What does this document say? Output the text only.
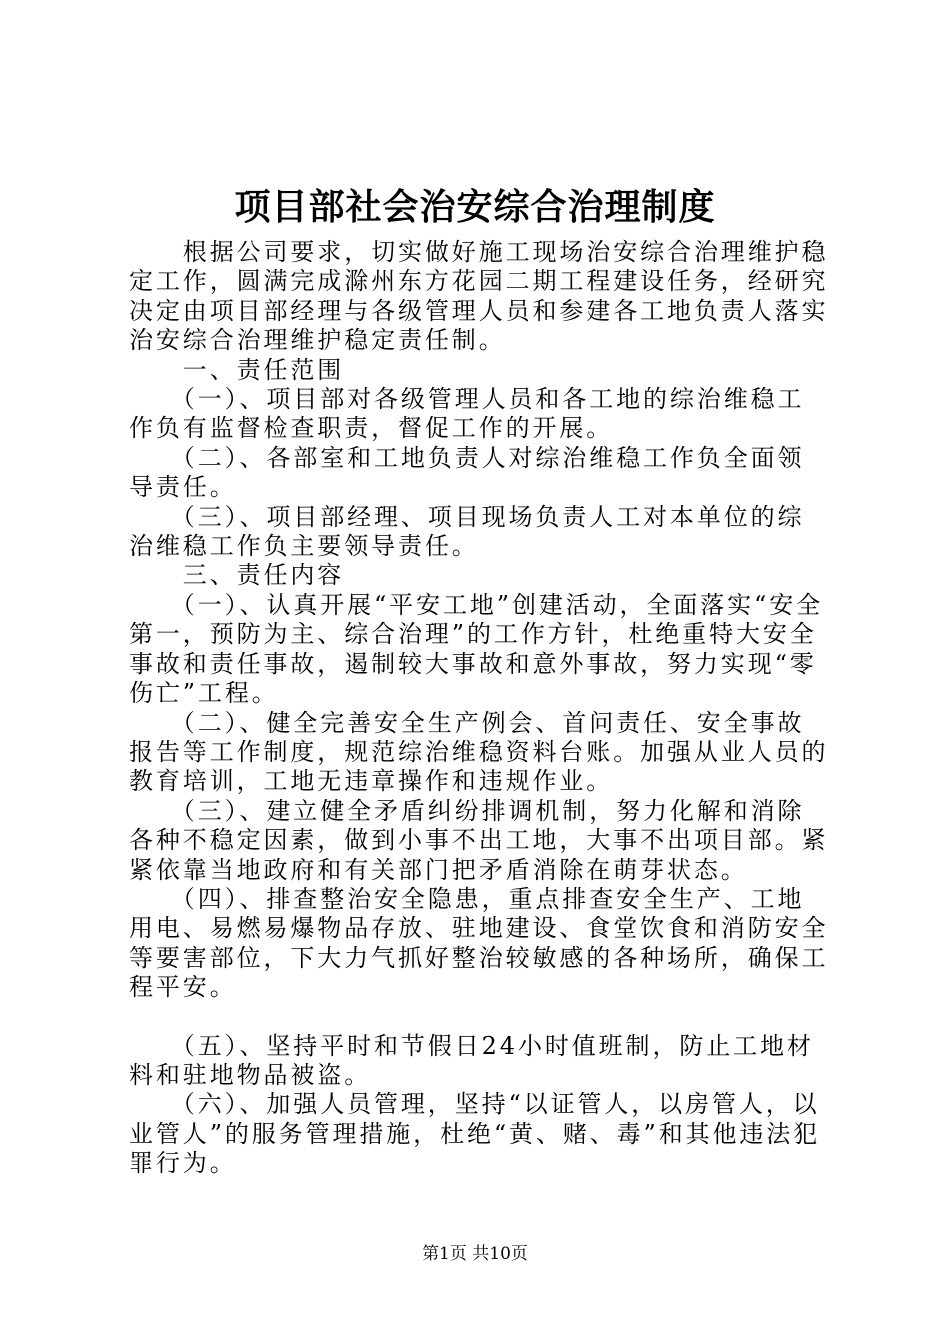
项目部社会治安综合治理制度

　　根据公司要求，切实做好施工现场治安综合治理维护稳定工作，圆满完成滁州东方花园二期工程建设任务，经研究决定由项目部经理与各级管理人员和参建各工地负责人落实治安综合治理维护稳定责任制。

　　一、责任范围

　　（一）、项目部对各级管理人员和各工地的综治维稳工作负有监督检查职责，督促工作的开展。

　　（二）、各部室和工地负责人对综治维稳工作负全面领导责任。

　　（三）、项目部经理、项目现场负责人工对本单位的综治维稳工作负主要领导责任。

　　三、责任内容

　　（一）、认真开展“平安工地”创建活动，全面落实“安全第一，预防为主、综合治理”的工作方针，杜绝重特大安全事故和责任事故，遏制较大事故和意外事故，努力实现“零伤亡”工程。

　　（二）、健全完善安全生产例会、首问责任、安全事故报告等工作制度，规范综治维稳资料台账。加强从业人员的教育培训，工地无违章操作和违规作业。

　　（三）、建立健全矛盾纠纷排调机制，努力化解和消除各种不稳定因素，做到小事不出工地，大事不出项目部。紧紧依靠当地政府和有关部门把矛盾消除在萌芽状态。

　　（四）、排查整治安全隐患，重点排查安全生产、工地用电、易燃易爆物品存放、驻地建设、食堂饮食和消防安全等要害部位，下大力气抓好整治较敏感的各种场所，确保工程平安。

　　（五）、坚持平时和节假日24小时值班制，防止工地材料和驻地物品被盗。

　　（六）、加强人员管理，坚持“以证管人，以房管人，以业管人”的服务管理措施，杜绝“黄、赌、毒”和其他违法犯罪行为。

第1页 共10页
